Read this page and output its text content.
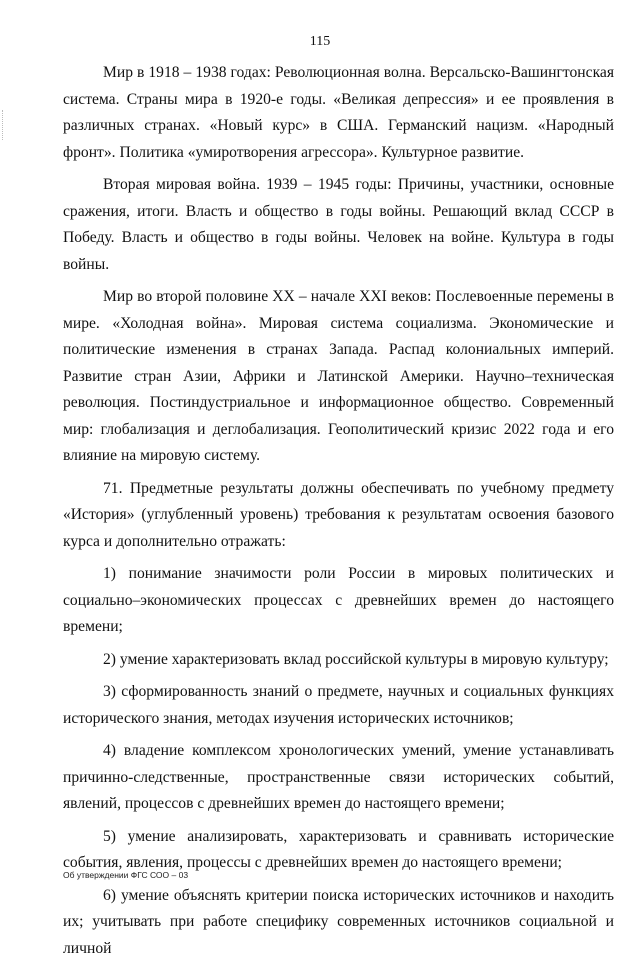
115

Мир в 1918 – 1938 годах: Революционная волна. Версальско-Вашингтонская система. Страны мира в 1920-е годы. «Великая депрессия» и ее проявления в различных странах. «Новый курс» в США. Германский нацизм. «Народный фронт». Политика «умиротворения агрессора». Культурное развитие.

Вторая мировая война. 1939 – 1945 годы: Причины, участники, основные сражения, итоги. Власть и общество в годы войны. Решающий вклад СССР в Победу. Власть и общество в годы войны. Человек на войне. Культура в годы войны.

Мир во второй половине XX – начале XXI веков: Послевоенные перемены в мире. «Холодная война». Мировая система социализма. Экономические и политические изменения в странах Запада. Распад колониальных империй. Развитие стран Азии, Африки и Латинской Америки. Научно–техническая революция. Постиндустриальное и информационное общество. Современный мир: глобализация и деглобализация. Геополитический кризис 2022 года и его влияние на мировую систему.

71. Предметные результаты должны обеспечивать по учебному предмету «История» (углубленный уровень) требования к результатам освоения базового курса и дополнительно отражать:

1) понимание значимости роли России в мировых политических и социально–экономических процессах с древнейших времен до настоящего времени;

2) умение характеризовать вклад российской культуры в мировую культуру;

3) сформированность знаний о предмете, научных и социальных функциях исторического знания, методах изучения исторических источников;

4) владение комплексом хронологических умений, умение устанавливать причинно-следственные, пространственные связи исторических событий, явлений, процессов с древнейших времен до настоящего времени;

5) умение анализировать, характеризовать и сравнивать исторические события, явления, процессы с древнейших времен до настоящего времени;

6) умение объяснять критерии поиска исторических источников и находить их; учитывать при работе специфику современных источников социальной и личной

Об утверждении ФГС СОО – 03
